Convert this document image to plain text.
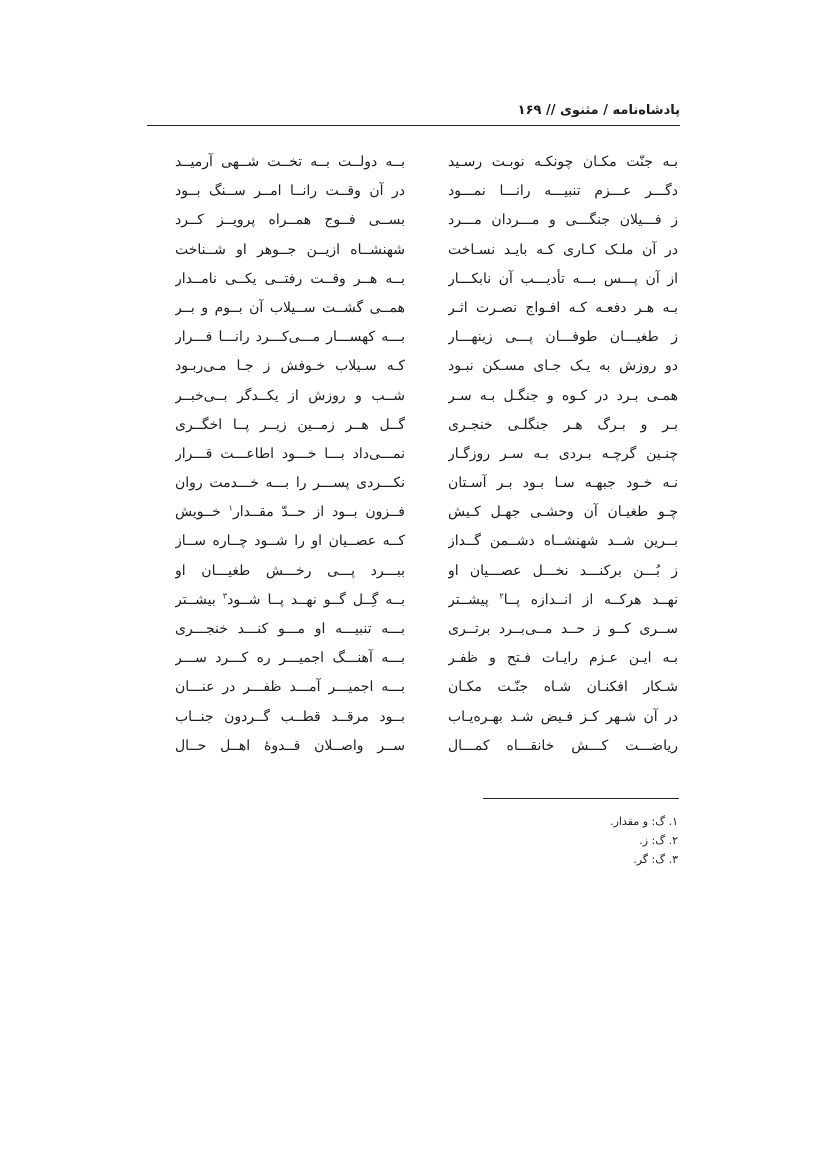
پادشاه‌نامه / مثنوی // ۱۶۹
بـه جنّت مکـان چونکـه نوبـت رسـید
بــه دولــت بــه تخــت شــهی آرمیــد
دگـــر عـــزم تنبیـــه رانـــا نمـــود
در آن وقــت رانــا امــر ســنگ بــود
ز فـــیلان جنگـــی و مـــردان مـــرد
بســی فــوج همــراه پرویــز کــرد
در آن ملـک کـاری کـه بایـد نسـاخت
شهنشــاه ازیــن جــوهر او شــناخت
از آن پـــس بـــه تأدیـــب آن نابکـــار
بــه هــر وقــت رفتــی یکــی نامــدار
بـه هـر دفعـه کـه افـواج نصـرت اثـر
همــی گشــت ســیلاب آن بــوم و بــر
ز طغیـــان طوفـــان پـــی زینهـــار
بـــه کهســـار مـــی‌کـــرد رانـــا فـــرار
دو روزش به یـک جـای مسـکن نبـود
کـه سـیلاب خـوفش ز جـا مـی‌ربـود
همـی بـرد در کـوه و جنگـل بـه سـر
شــب و روزش از یکــدگر بــی‌خبــر
بـر و بـرگ هـر جنگلـی خنجـری
گــل هــر زمــین زیــر پــا اخگــری
چنـین گرچـه بـردی بـه سـر روزگـار
نمـــی‌داد بـــا خـــود اطاعـــت قـــرار
نـه خـود جبهـه سـا بـود بـر آسـتان
نکـــردی پســـر را بـــه خـــدمت روان
چـو طغیـان آن وحشـی جهـل کـیش
فــزون بــود از حــدّ مقــدار$^۱$ خــویش
بــرین شــد شهنشــاه دشــمن گــداز
کــه عصــیان او را شــود چــاره ســاز
ز بُـــن برکنـــد نخـــل عصـــیان او
ببـــرد پـــی رخـــش طغیـــان او
نهــد هرکــه از انــدازه پــا$^۲$ پیشــتر
بــه گِــل گــو نهــد پــا شــود$^۳$ بیشــتر
ســری کــو ز حــد مــی‌بــرد برتــری
بـــه تنبیـــه او مـــو کنـــد خنجـــری
بـه ایـن عـزم رایـات فـتح و ظفـر
بـــه آهنـــگ اجمیـــر ره کـــرد ســـر
شـکار افکنـان شـاه جنّـت مکـان
بـــه اجمیـــر آمـــد ظفـــر در عنـــان
در آن شـهر کـز فـیض شـد بهـره‌یـاب
بــود مرقــد قطــب گــردون جنــاب
ریاضـــت کـــش خانقـــاه کمـــال
ســر واصــلان قــدوهٔ اهــل حــال
۱. گ: و مقدار.
۲. گ: ز.
۳. گ: گر.
